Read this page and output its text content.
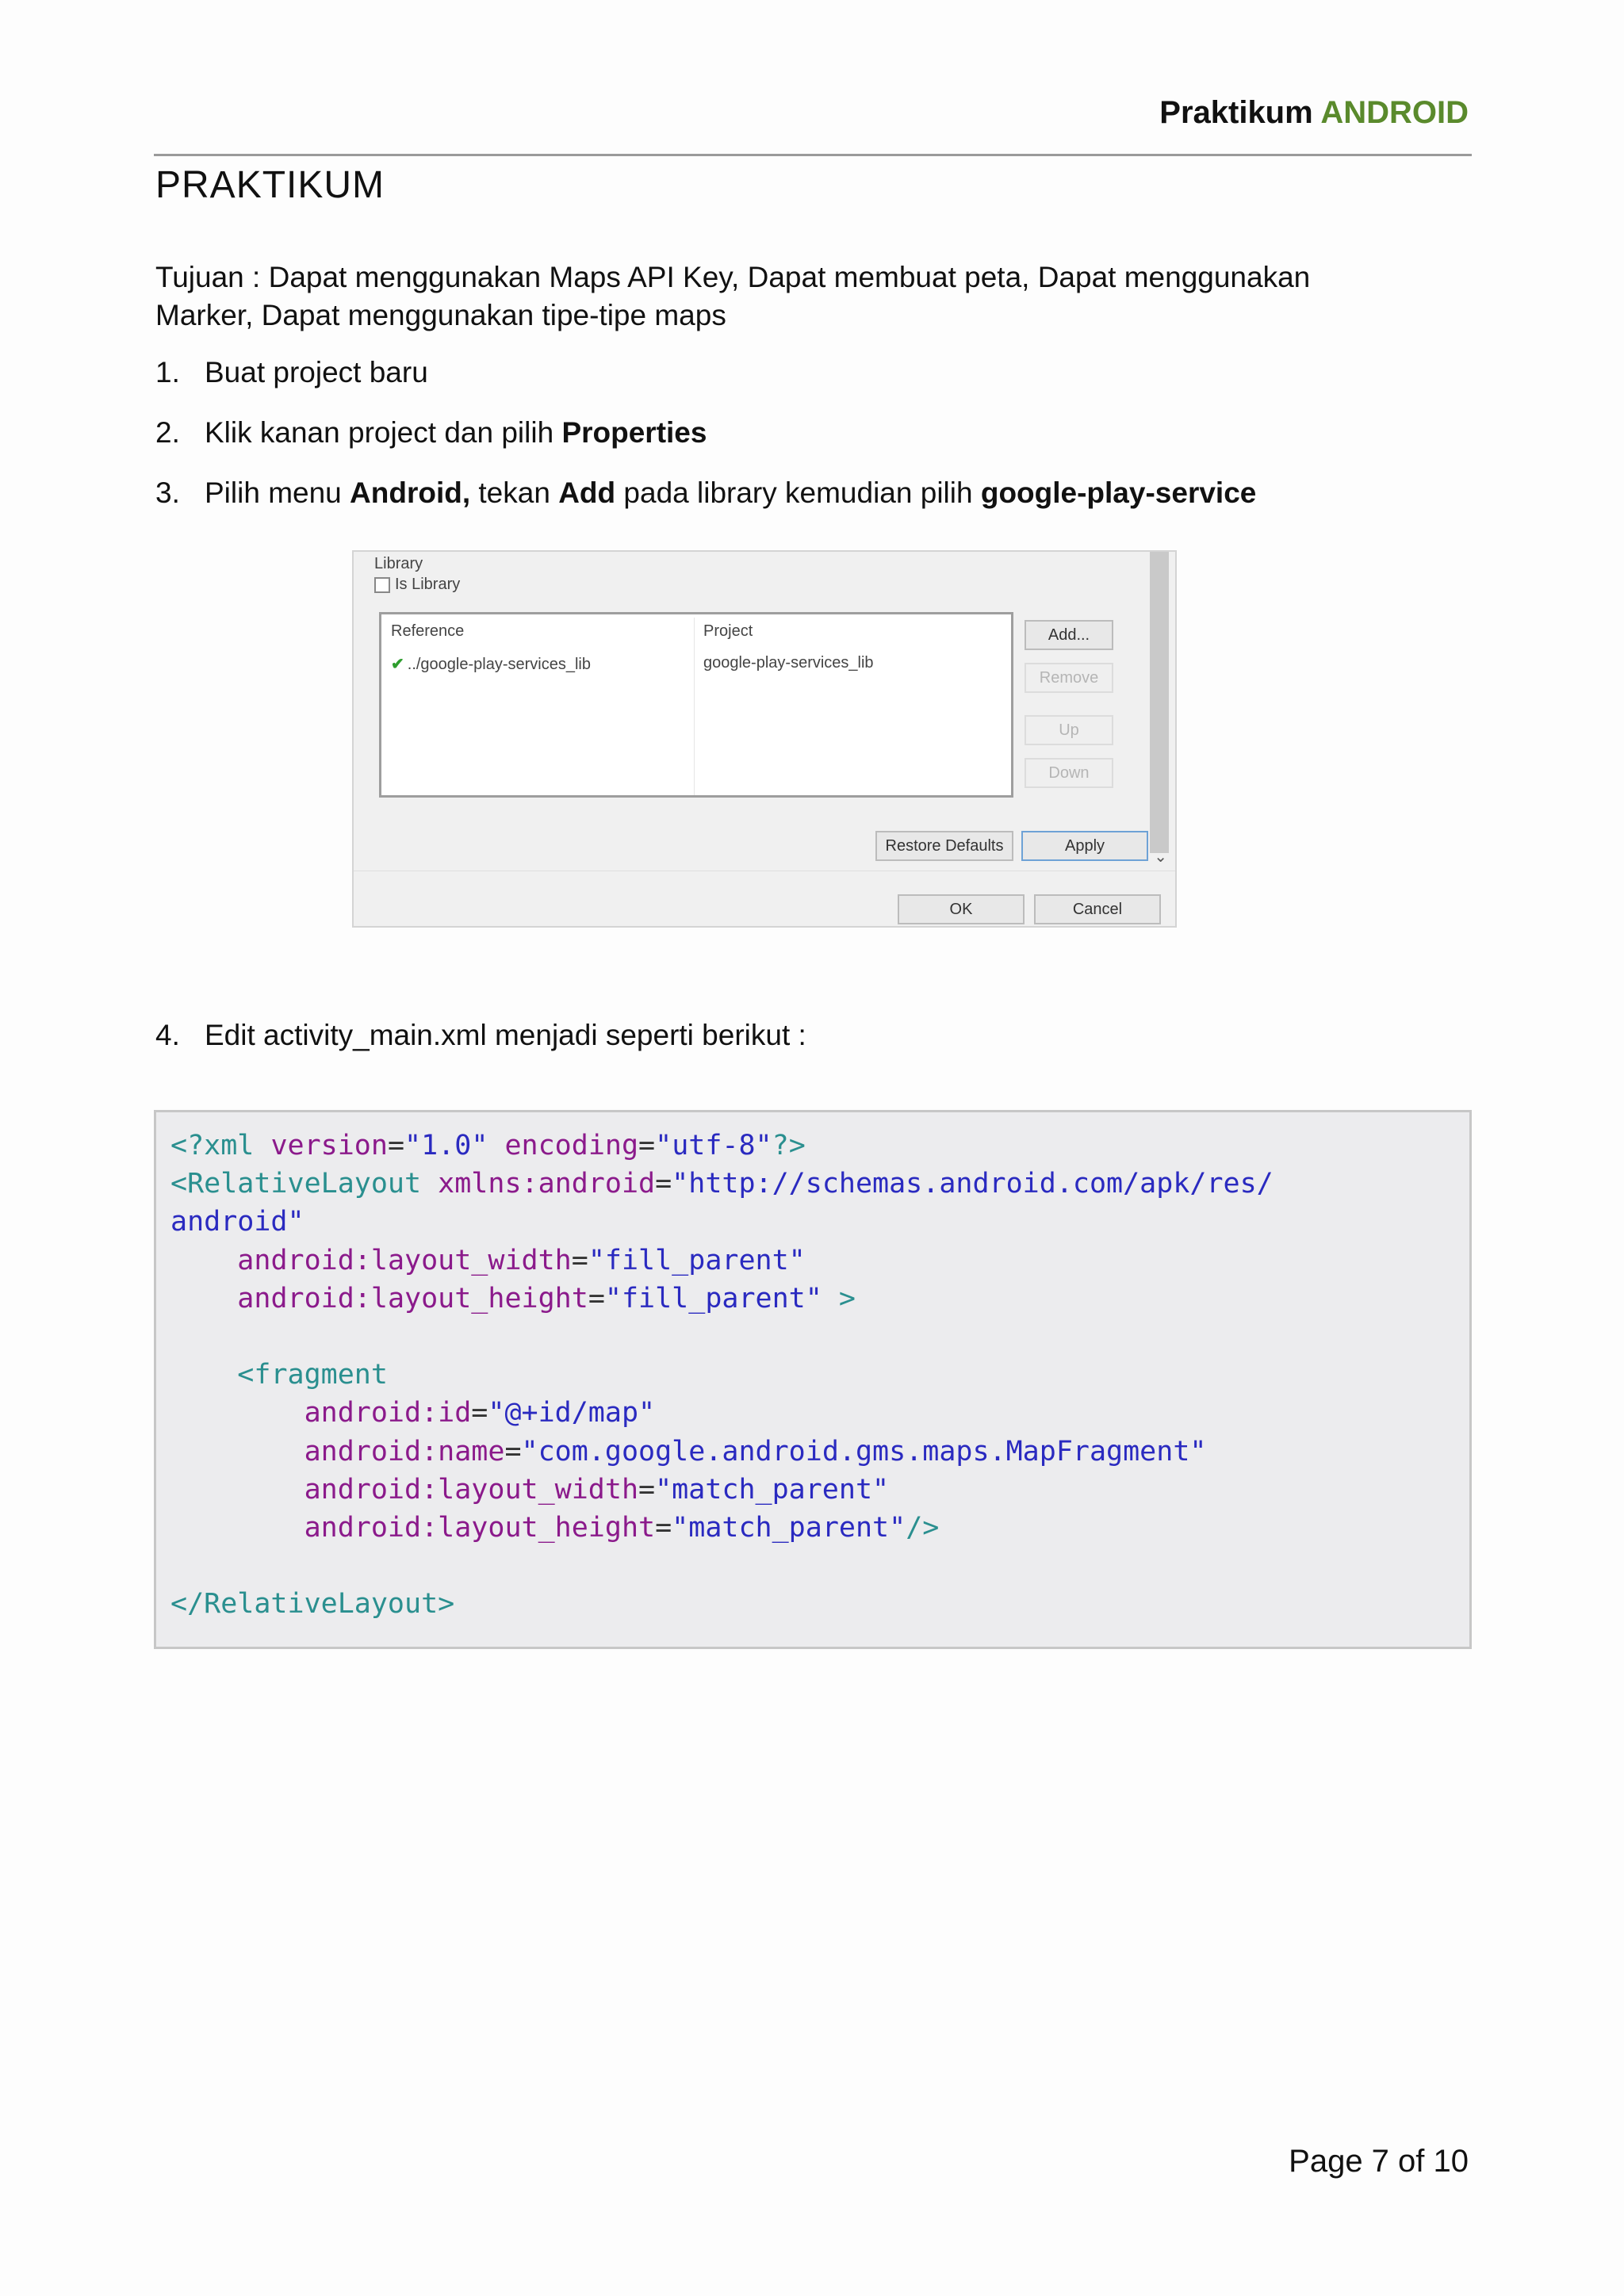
Praktikum ANDROID
PRAKTIKUM
Tujuan : Dapat menggunakan Maps API Key, Dapat membuat peta, Dapat menggunakan
Marker, Dapat menggunakan tipe-tipe maps
1. Buat project baru
2. Klik kanan project dan pilih Properties
3. Pilih menu Android, tekan Add pada library kemudian pilih google-play-service
Library
Is Library
Reference	Project
✔ ../google-play-services_lib	google-play-services_lib
Add...
Remove
Up
Down
Restore Defaults	Apply
⌄
OK	Cancel
4. Edit activity_main.xml menjadi seperti berikut :
<?xml version="1.0" encoding="utf-8"?>
<RelativeLayout xmlns:android="http://schemas.android.com/apk/res/
android"
android:layout_width="fill_parent"
android:layout_height="fill_parent" >

<fragment
android:id="@+id/map"
android:name="com.google.android.gms.maps.MapFragment"
android:layout_width="match_parent"
android:layout_height="match_parent"/>

</RelativeLayout>
Page 7 of 10
